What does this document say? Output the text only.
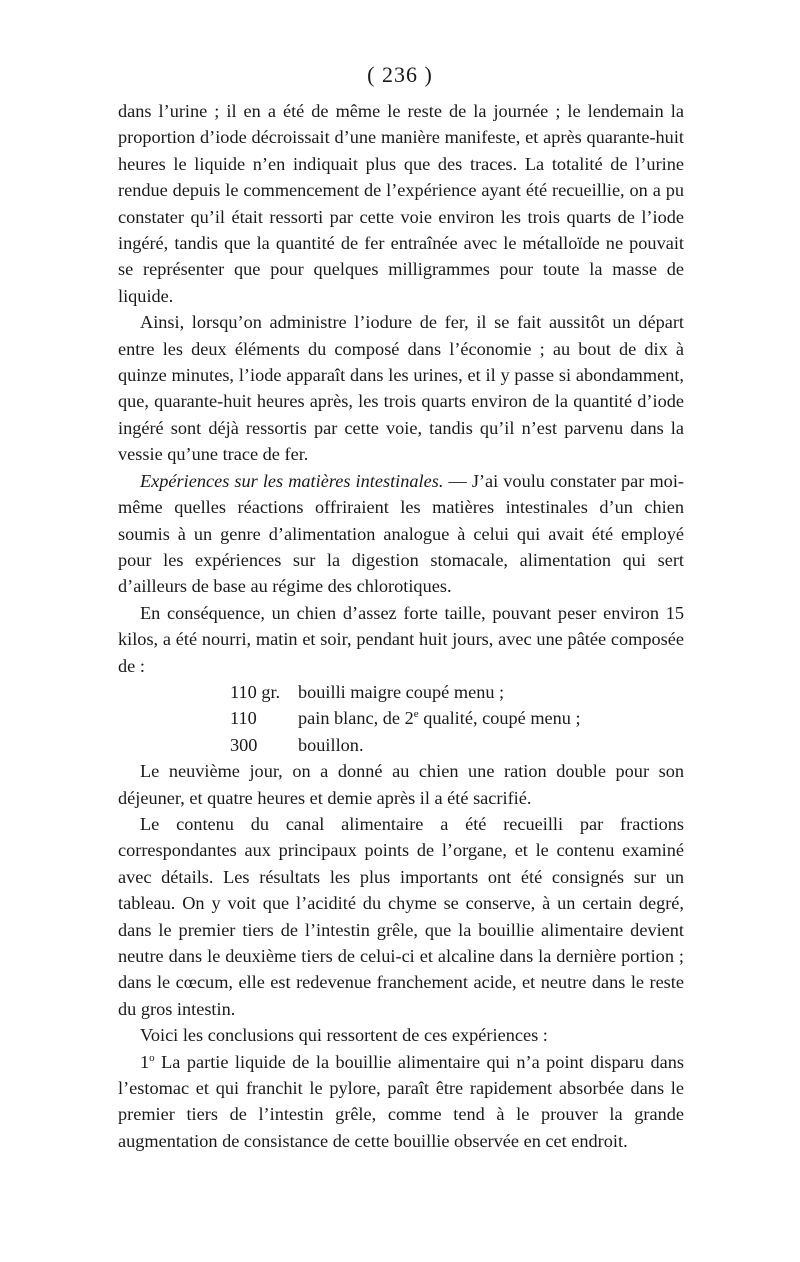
( 236 )

dans l’urine ; il en a été de même le reste de la journée ; le lendemain la proportion d’iode décroissait d’une manière manifeste, et après quarante-huit heures le liquide n’en indiquait plus que des traces. La totalité de l’urine rendue depuis le commencement de l’expérience ayant été recueillie, on a pu constater qu’il était ressorti par cette voie environ les trois quarts de l’iode ingéré, tandis que la quantité de fer entraînée avec le métalloïde ne pouvait se représenter que pour quelques milligrammes pour toute la masse de liquide.

Ainsi, lorsqu’on administre l’iodure de fer, il se fait aussitôt un départ entre les deux éléments du composé dans l’économie ; au bout de dix à quinze minutes, l’iode apparaît dans les urines, et il y passe si abondamment, que, quarante-huit heures après, les trois quarts environ de la quantité d’iode ingéré sont déjà ressortis par cette voie, tandis qu’il n’est parvenu dans la vessie qu’une trace de fer.

Expériences sur les matières intestinales. — J’ai voulu constater par moi-même quelles réactions offriraient les matières intestinales d’un chien soumis à un genre d’alimentation analogue à celui qui avait été employé pour les expériences sur la digestion stomacale, alimentation qui sert d’ailleurs de base au régime des chlorotiques.

En conséquence, un chien d’assez forte taille, pouvant peser environ 15 kilos, a été nourri, matin et soir, pendant huit jours, avec une pâtée composée de :

110 gr. bouilli maigre coupé menu ;
110	pain blanc, de 2e qualité, coupé menu ;
300	bouillon.

Le neuvième jour, on a donné au chien une ration double pour son déjeuner, et quatre heures et demie après il a été sacrifié.

Le contenu du canal alimentaire a été recueilli par fractions correspondantes aux principaux points de l’organe, et le contenu examiné avec détails. Les résultats les plus importants ont été consignés sur un tableau. On y voit que l’acidité du chyme se conserve, à un certain degré, dans le premier tiers de l’intestin grêle, que la bouillie alimentaire devient neutre dans le deuxième tiers de celui-ci et alcaline dans la dernière portion ; dans le cœcum, elle est redevenue franchement acide, et neutre dans le reste du gros intestin.

Voici les conclusions qui ressortent de ces expériences :

1$^o$ La partie liquide de la bouillie alimentaire qui n’a point disparu dans l’estomac et qui franchit le pylore, paraît être rapidement absorbée dans le premier tiers de l’intestin grêle, comme tend à le prouver la grande augmentation de consistance de cette bouillie observée en cet endroit.
